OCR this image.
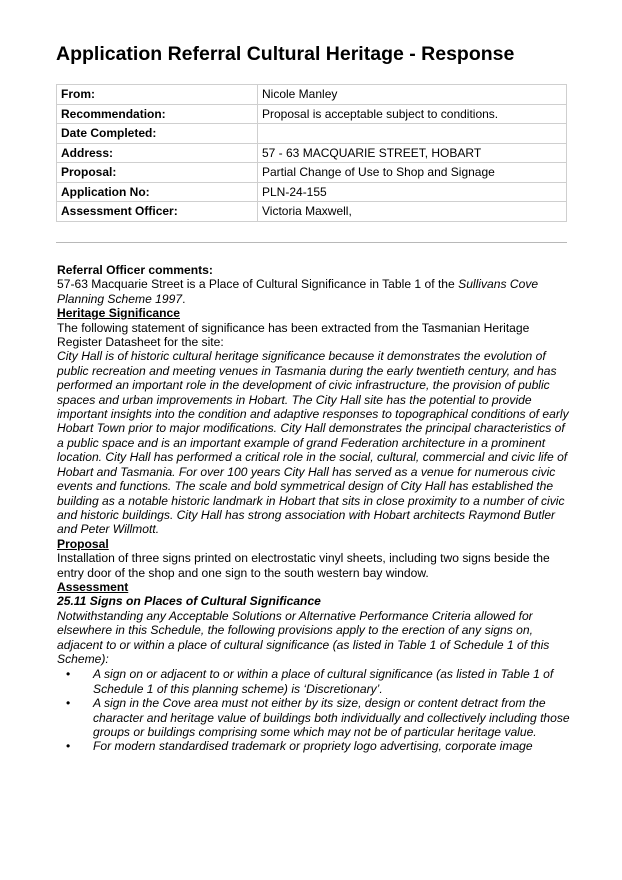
Application Referral Cultural Heritage - Response
From:	Nicole Manley
Recommendation:	Proposal is acceptable subject to conditions.
Date Completed:	
Address:	57 - 63 MACQUARIE STREET, HOBART
Proposal:	Partial Change of Use to Shop and Signage
Application No:	PLN-24-155
Assessment Officer:	Victoria Maxwell,

Referral Officer comments:

57-63 Macquarie Street is a Place of Cultural Significance in Table 1 of the Sullivans Cove Planning Scheme 1997.

Heritage Significance

The following statement of significance has been extracted from the Tasmanian Heritage Register Datasheet for the site:

City Hall is of historic cultural heritage significance because it demonstrates the evolution of public recreation and meeting venues in Tasmania during the early twentieth century, and has performed an important role in the development of civic infrastructure, the provision of public spaces and urban improvements in Hobart. The City Hall site has the potential to provide important insights into the condition and adaptive responses to topographical conditions of early Hobart Town prior to major modifications. City Hall demonstrates the principal characteristics of a public space and is an important example of grand Federation architecture in a prominent location. City Hall has performed a critical role in the social, cultural, commercial and civic life of Hobart and Tasmania. For over 100 years City Hall has served as a venue for numerous civic events and functions. The scale and bold symmetrical design of City Hall has established the building as a notable historic landmark in Hobart that sits in close proximity to a number of civic and historic buildings. City Hall has strong association with Hobart architects Raymond Butler and Peter Willmott.

Proposal

Installation of three signs printed on electrostatic vinyl sheets, including two signs beside the entry door of the shop and one sign to the south western bay window.

Assessment

25.11 Signs on Places of Cultural Significance

Notwithstanding any Acceptable Solutions or Alternative Performance Criteria allowed for elsewhere in this Schedule, the following provisions apply to the erection of any signs on, adjacent to or within a place of cultural significance (as listed in Table 1 of Schedule 1 of this Scheme):

• A sign on or adjacent to or within a place of cultural significance (as listed in Table 1 of Schedule 1 of this planning scheme) is ‘Discretionary’.
• A sign in the Cove area must not either by its size, design or content detract from the character and heritage value of buildings both individually and collectively including those groups or buildings comprising some which may not be of particular heritage value.
• For modern standardised trademark or propriety logo advertising, corporate image
